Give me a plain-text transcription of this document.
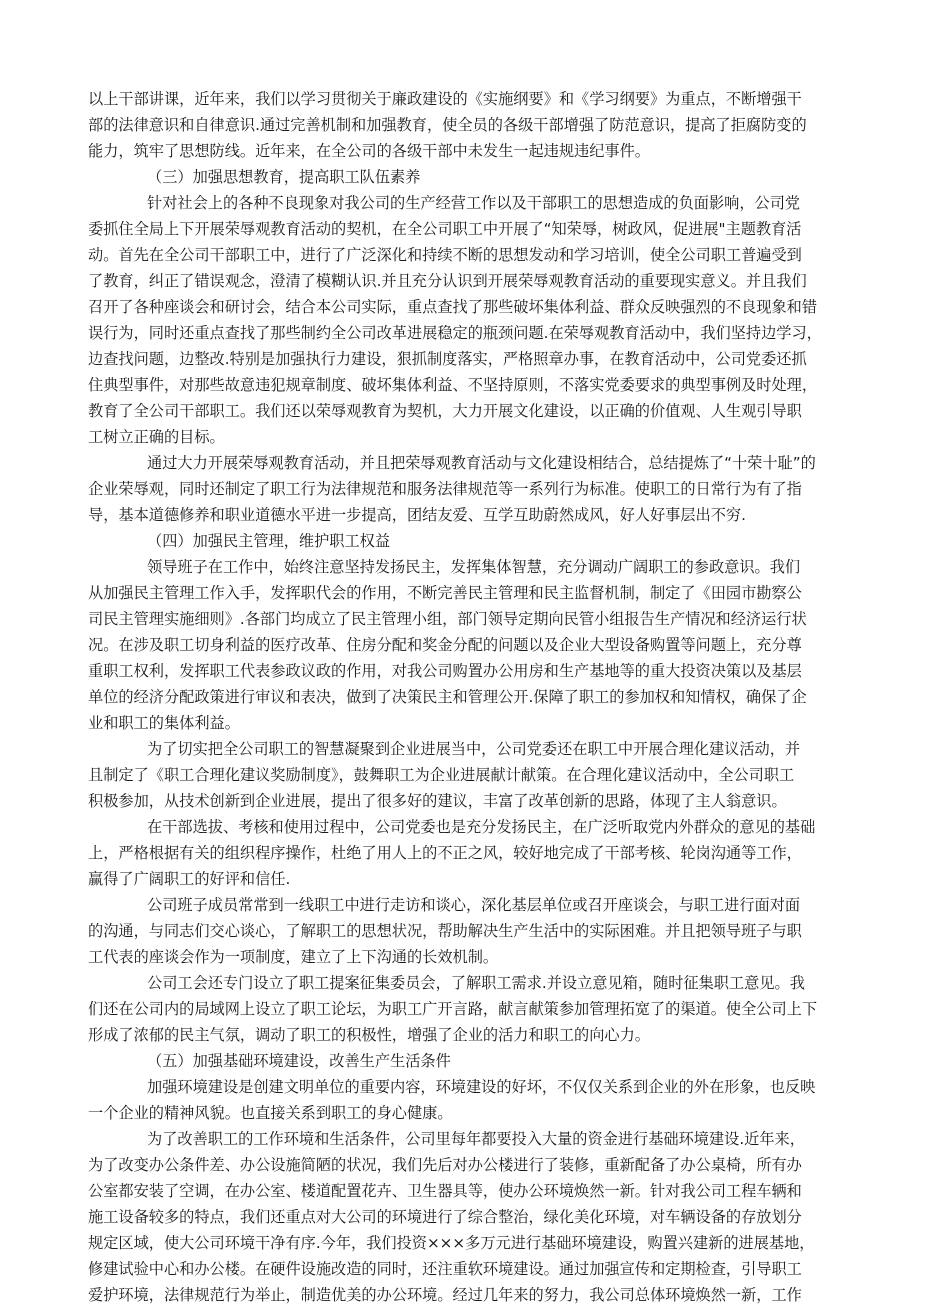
以上干部讲课，近年来，我们以学习贯彻关于廉政建设的《实施纲要》和《学习纲要》为重点，不断增强干
部的法律意识和自律意识.通过完善机制和加强教育，使全员的各级干部增强了防范意识，提高了拒腐防变的
能力，筑牢了思想防线。近年来，在全公司的各级干部中未发生一起违规违纪事件。
（三）加强思想教育，提高职工队伍素养
针对社会上的各种不良现象对我公司的生产经营工作以及干部职工的思想造成的负面影响，公司党
委抓住全局上下开展荣辱观教育活动的契机，在全公司职工中开展了“知荣辱，树政风，促进展"主题教育活
动。首先在全公司干部职工中，进行了广泛深化和持续不断的思想发动和学习培训，使全公司职工普遍受到
了教育，纠正了错误观念，澄清了模糊认识.并且充分认识到开展荣辱观教育活动的重要现实意义。并且我们
召开了各种座谈会和研讨会，结合本公司实际，重点查找了那些破坏集体利益、群众反映强烈的不良现象和错
误行为，同时还重点查找了那些制约全公司改革进展稳定的瓶颈问题.在荣辱观教育活动中，我们坚持边学习，
边查找问题，边整改.特别是加强执行力建设，狠抓制度落实，严格照章办事，在教育活动中，公司党委还抓
住典型事件，对那些故意违犯规章制度、破坏集体利益、不坚持原则，不落实党委要求的典型事例及时处理，
教育了全公司干部职工。我们还以荣辱观教育为契机，大力开展文化建设，以正确的价值观、人生观引导职
工树立正确的目标。
通过大力开展荣辱观教育活动，并且把荣辱观教育活动与文化建设相结合，总结提炼了“十荣十耻”的
企业荣辱观，同时还制定了职工行为法律规范和服务法律规范等一系列行为标准。使职工的日常行为有了指
导，基本道德修养和职业道德水平进一步提高，团结友爱、互学互助蔚然成风，好人好事层出不穷.
（四）加强民主管理，维护职工权益
领导班子在工作中，始终注意坚持发扬民主，发挥集体智慧，充分调动广阔职工的参政意识。我们
从加强民主管理工作入手，发挥职代会的作用，不断完善民主管理和民主监督机制，制定了《田园市勘察公
司民主管理实施细则》.各部门均成立了民主管理小组，部门领导定期向民管小组报告生产情况和经济运行状
况。在涉及职工切身利益的医疗改革、住房分配和奖金分配的问题以及企业大型设备购置等问题上，充分尊
重职工权利，发挥职工代表参政议政的作用，对我公司购置办公用房和生产基地等的重大投资决策以及基层
单位的经济分配政策进行审议和表决，做到了决策民主和管理公开.保障了职工的参加权和知情权，确保了企
业和职工的集体利益。
为了切实把全公司职工的智慧凝聚到企业进展当中，公司党委还在职工中开展合理化建议活动，并
且制定了《职工合理化建议奖励制度》，鼓舞职工为企业进展献计献策。在合理化建议活动中，全公司职工
积极参加，从技术创新到企业进展，提出了很多好的建议，丰富了改革创新的思路，体现了主人翁意识。
在干部选拔、考核和使用过程中，公司党委也是充分发扬民主，在广泛听取党内外群众的意见的基础
上，严格根据有关的组织程序操作，杜绝了用人上的不正之风，较好地完成了干部考核、轮岗沟通等工作，
赢得了广阔职工的好评和信任.
公司班子成员常常到一线职工中进行走访和谈心，深化基层单位或召开座谈会，与职工进行面对面
的沟通，与同志们交心谈心，了解职工的思想状况，帮助解决生产生活中的实际困难。并且把领导班子与职
工代表的座谈会作为一项制度，建立了上下沟通的长效机制。
公司工会还专门设立了职工提案征集委员会，了解职工需求.并设立意见箱，随时征集职工意见。我
们还在公司内的局域网上设立了职工论坛，为职工广开言路，献言献策参加管理拓宽了的渠道。使全公司上下
形成了浓郁的民主气氛，调动了职工的积极性，增强了企业的活力和职工的向心力。
（五）加强基础环境建设，改善生产生活条件
加强环境建设是创建文明单位的重要内容，环境建设的好坏，不仅仅关系到企业的外在形象，也反映
一个企业的精神风貌。也直接关系到职工的身心健康。
为了改善职工的工作环境和生活条件，公司里每年都要投入大量的资金进行基础环境建设.近年来，
为了改变办公条件差、办公设施简陋的状况，我们先后对办公楼进行了装修，重新配备了办公桌椅，所有办
公室都安装了空调，在办公室、楼道配置花卉、卫生器具等，使办公环境焕然一新。针对我公司工程车辆和
施工设备较多的特点，我们还重点对大公司的环境进行了综合整治，绿化美化环境，对车辆设备的存放划分
规定区域，使大公司环境干净有序.今年，我们投资×××多万元进行基础环境建设，购置兴建新的进展基地，
修建试验中心和办公楼。在硬件设施改造的同时，还注重软环境建设。通过加强宣传和定期检查，引导职工
爱护环境，法律规范行为举止，制造优美的办公环境。经过几年来的努力，我公司总体环境焕然一新，工作
